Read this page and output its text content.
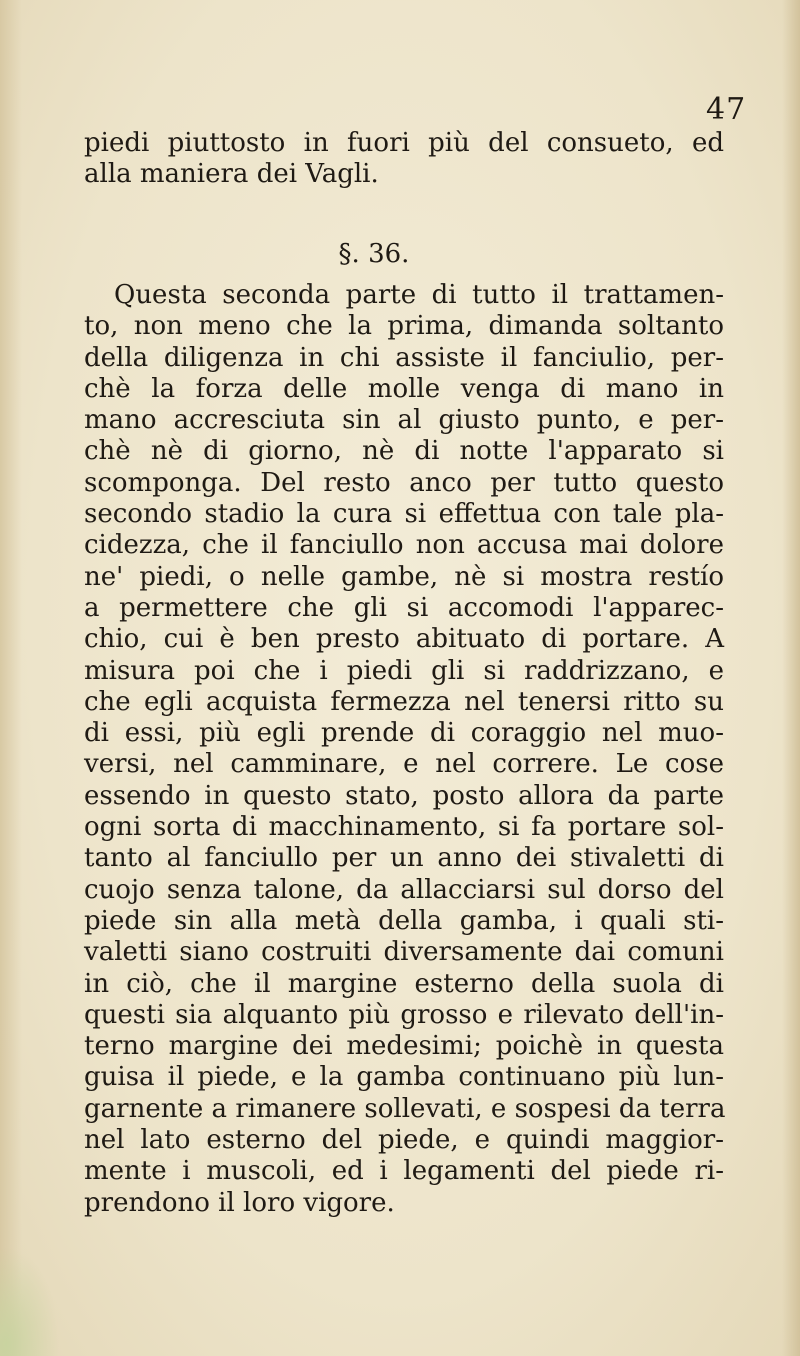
47
piedi piuttosto in fuori più del consueto, ed
alla maniera dei Vagli.
§. 36.
Questa seconda parte di tutto il trattamen-
to, non meno che la prima, dimanda soltanto
della diligenza in chi assiste il fanciulio, per-
chè la forza delle molle venga di mano in
mano accresciuta sin al giusto punto, e per-
chè nè di giorno, nè di notte l'apparato si
scomponga. Del resto anco per tutto questo
secondo stadio la cura si effettua con tale pla-
cidezza, che il fanciullo non accusa mai dolore
ne' piedi, o nelle gambe, nè si mostra restío
a permettere che gli si accomodi l'apparec-
chio, cui è ben presto abituato di portare. A
misura poi che i piedi gli si raddrizzano, e
che egli acquista fermezza nel tenersi ritto su
di essi, più egli prende di coraggio nel muo-
versi, nel camminare, e nel correre. Le cose
essendo in questo stato, posto allora da parte
ogni sorta di macchinamento, si fa portare sol-
tanto al fanciullo per un anno dei stivaletti di
cuojo senza talone, da allacciarsi sul dorso del
piede sin alla metà della gamba, i quali sti-
valetti siano costruiti diversamente dai comuni
in ciò, che il margine esterno della suola di
questi sia alquanto più grosso e rilevato dell'in-
terno margine dei medesimi; poichè in questa
guisa il piede, e la gamba continuano più lun-
garnente a rimanere sollevati, e sospesi da terra
nel lato esterno del piede, e quindi maggior-
mente i muscoli, ed i legamenti del piede ri-
prendono il loro vigore.
